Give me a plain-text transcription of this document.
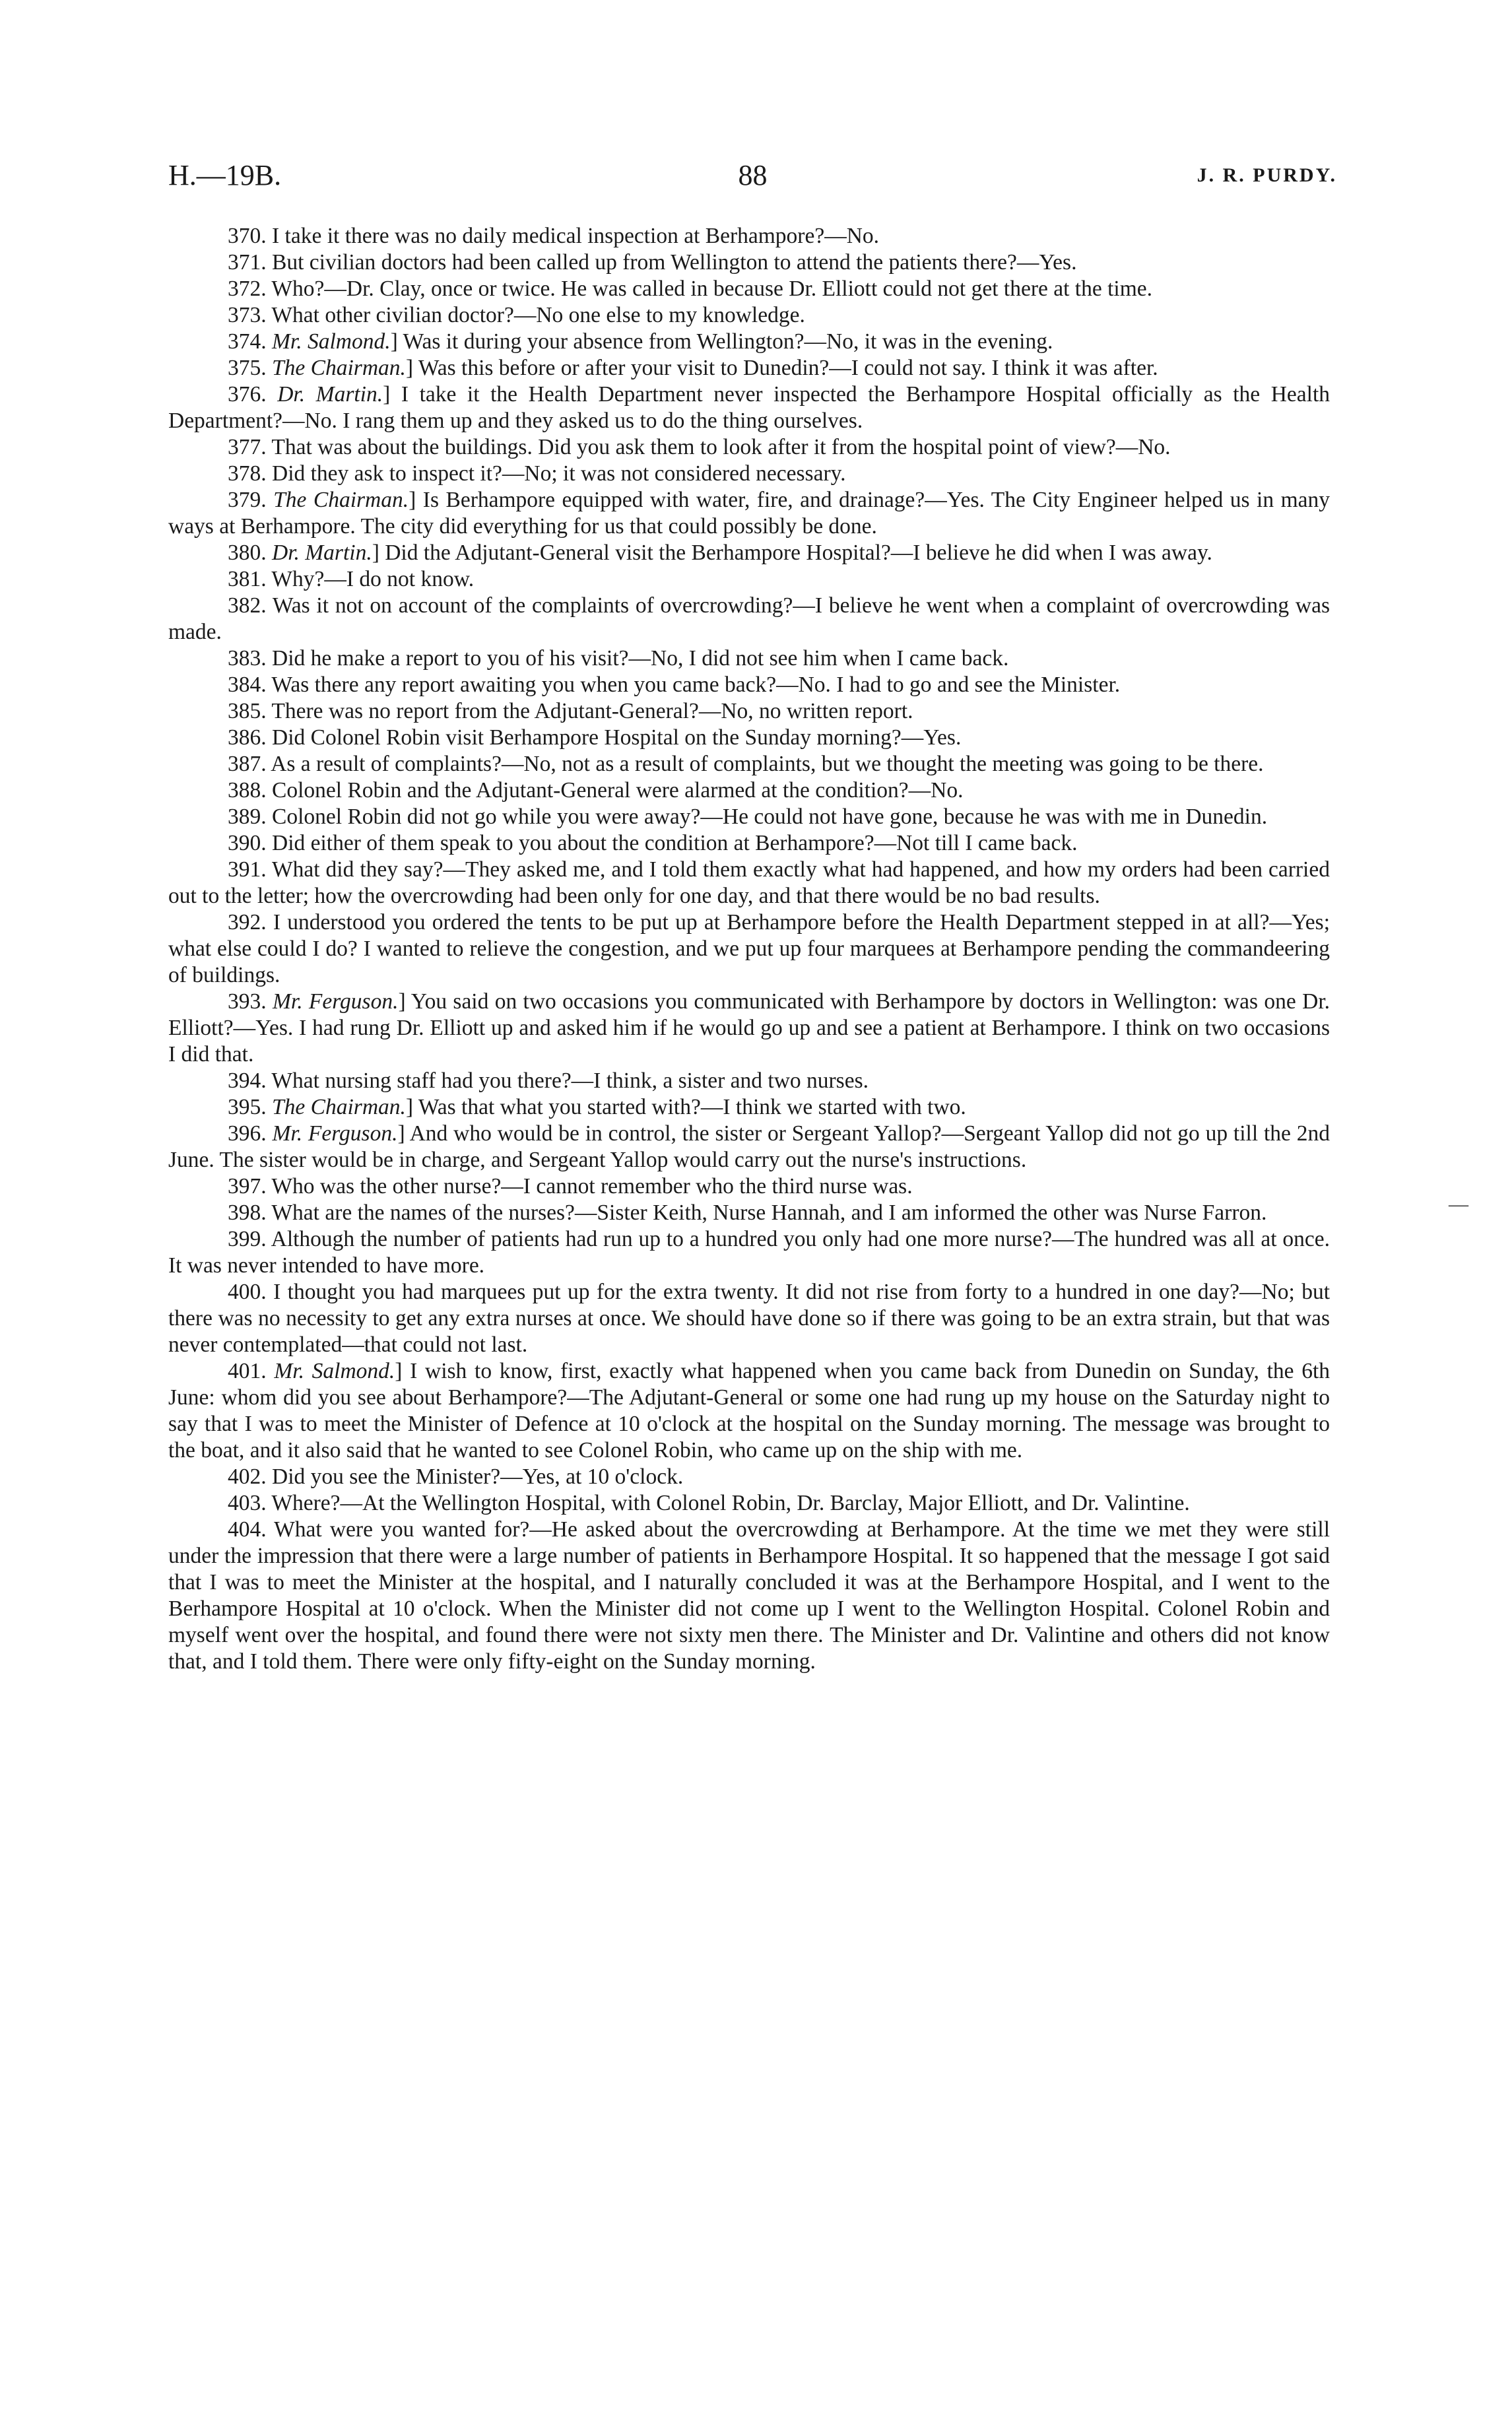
H.—19B.	88	J. R. PURDY.

370. I take it there was no daily medical inspection at Berhampore?—No.

371. But civilian doctors had been called up from Wellington to attend the patients there?—Yes.

372. Who?—Dr. Clay, once or twice. He was called in because Dr. Elliott could not get there at the time.

373. What other civilian doctor?—No one else to my knowledge.

374. Mr. Salmond.] Was it during your absence from Wellington?—No, it was in the evening.

375. The Chairman.] Was this before or after your visit to Dunedin?—I could not say. I think it was after.

376. Dr. Martin.] I take it the Health Department never inspected the Berhampore Hospital officially as the Health Department?—No. I rang them up and they asked us to do the thing ourselves.

377. That was about the buildings. Did you ask them to look after it from the hospital point of view?—No.

378. Did they ask to inspect it?—No; it was not considered necessary.

379. The Chairman.] Is Berhampore equipped with water, fire, and drainage?—Yes. The City Engineer helped us in many ways at Berhampore. The city did everything for us that could possibly be done.

380. Dr. Martin.] Did the Adjutant-General visit the Berhampore Hospital?—I believe he did when I was away.

381. Why?—I do not know.

382. Was it not on account of the complaints of overcrowding?—I believe he went when a complaint of overcrowding was made.

383. Did he make a report to you of his visit?—No, I did not see him when I came back.

384. Was there any report awaiting you when you came back?—No. I had to go and see the Minister.

385. There was no report from the Adjutant-General?—No, no written report.

386. Did Colonel Robin visit Berhampore Hospital on the Sunday morning?—Yes.

387. As a result of complaints?—No, not as a result of complaints, but we thought the meeting was going to be there.

388. Colonel Robin and the Adjutant-General were alarmed at the condition?—No.

389. Colonel Robin did not go while you were away?—He could not have gone, because he was with me in Dunedin.

390. Did either of them speak to you about the condition at Berhampore?—Not till I came back.

391. What did they say?—They asked me, and I told them exactly what had happened, and how my orders had been carried out to the letter; how the overcrowding had been only for one day, and that there would be no bad results.

392. I understood you ordered the tents to be put up at Berhampore before the Health Department stepped in at all?—Yes; what else could I do? I wanted to relieve the congestion, and we put up four marquees at Berhampore pending the commandeering of buildings.

393. Mr. Ferguson.] You said on two occasions you communicated with Berhampore by doctors in Wellington: was one Dr. Elliott?—Yes. I had rung Dr. Elliott up and asked him if he would go up and see a patient at Berhampore. I think on two occasions I did that.

394. What nursing staff had you there?—I think, a sister and two nurses.

395. The Chairman.] Was that what you started with?—I think we started with two.

396. Mr. Ferguson.] And who would be in control, the sister or Sergeant Yallop?—Sergeant Yallop did not go up till the 2nd June. The sister would be in charge, and Sergeant Yallop would carry out the nurse's instructions.

397. Who was the other nurse?—I cannot remember who the third nurse was.

398. What are the names of the nurses?—Sister Keith, Nurse Hannah, and I am informed the other was Nurse Farron.

399. Although the number of patients had run up to a hundred you only had one more nurse?—The hundred was all at once. It was never intended to have more.

400. I thought you had marquees put up for the extra twenty. It did not rise from forty to a hundred in one day?—No; but there was no necessity to get any extra nurses at once. We should have done so if there was going to be an extra strain, but that was never contemplated—that could not last.

401. Mr. Salmond.] I wish to know, first, exactly what happened when you came back from Dunedin on Sunday, the 6th June: whom did you see about Berhampore?—The Adjutant-General or some one had rung up my house on the Saturday night to say that I was to meet the Minister of Defence at 10 o'clock at the hospital on the Sunday morning. The message was brought to the boat, and it also said that he wanted to see Colonel Robin, who came up on the ship with me.

402. Did you see the Minister?—Yes, at 10 o'clock.

403. Where?—At the Wellington Hospital, with Colonel Robin, Dr. Barclay, Major Elliott, and Dr. Valintine.

404. What were you wanted for?—He asked about the overcrowding at Berhampore. At the time we met they were still under the impression that there were a large number of patients in Berhampore Hospital. It so happened that the message I got said that I was to meet the Minister at the hospital, and I naturally concluded it was at the Berhampore Hospital, and I went to the Berhampore Hospital at 10 o'clock. When the Minister did not come up I went to the Wellington Hospital. Colonel Robin and myself went over the hospital, and found there were not sixty men there. The Minister and Dr. Valintine and others did not know that, and I told them. There were only fifty-eight on the Sunday morning.

—
